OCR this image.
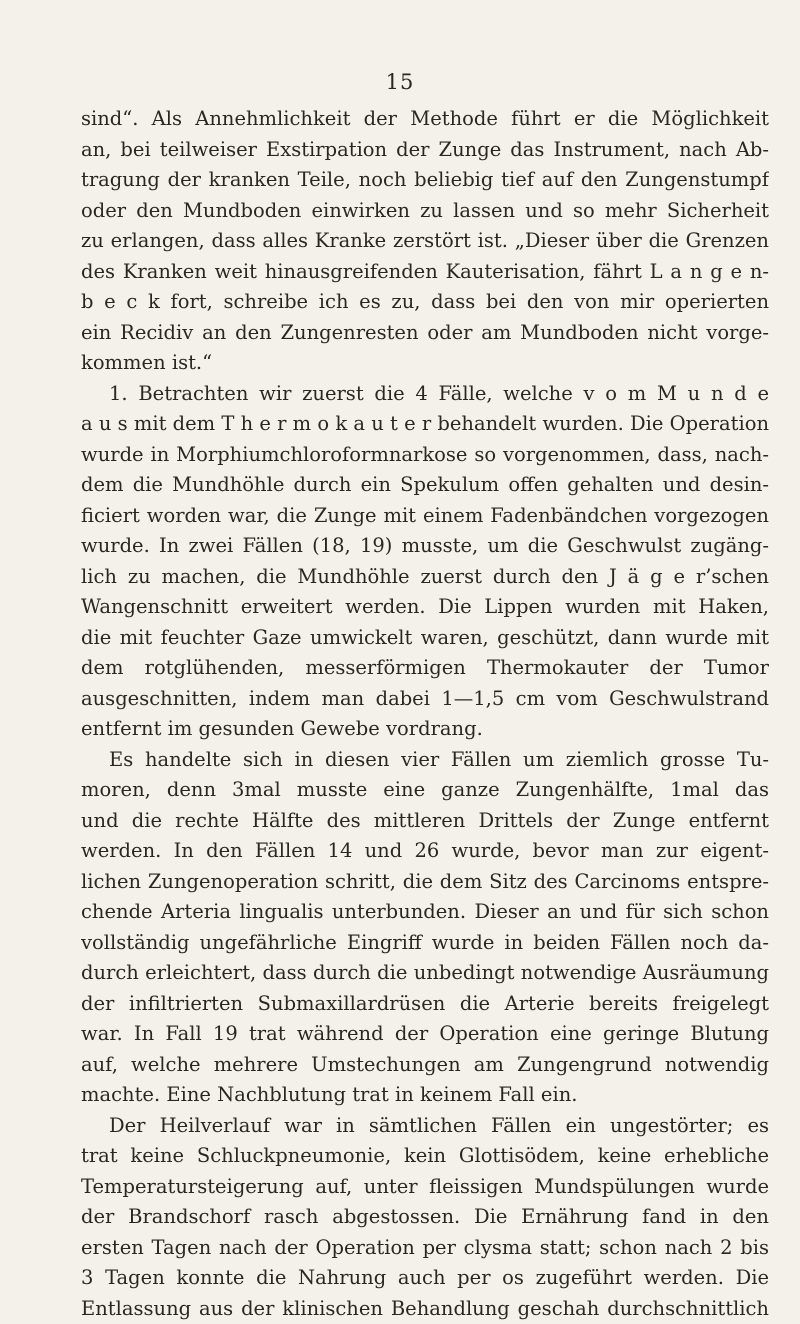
15
sind“. Als Annehmlichkeit der Methode führt er die Möglichkeit
an, bei teilweiser Exstirpation der Zunge das Instrument, nach Ab-
tragung der kranken Teile, noch beliebig tief auf den Zungenstumpf
oder den Mundboden einwirken zu lassen und so mehr Sicherheit
zu erlangen, dass alles Kranke zerstört ist. „Dieser über die Grenzen
des Kranken weit hinausgreifenden Kauterisation, fährt L a n g e n-
b e c k fort, schreibe ich es zu, dass bei den von mir operierten
ein Recidiv an den Zungenresten oder am Mundboden nicht vorge-
kommen ist.“
1. Betrachten wir zuerst die 4 Fälle, welche v o m M u n d e
a u s mit dem T h e r m o k a u t e r behandelt wurden. Die Operation
wurde in Morphiumchloroformnarkose so vorgenommen, dass, nach-
dem die Mundhöhle durch ein Spekulum offen gehalten und desin-
ficiert worden war, die Zunge mit einem Fadenbändchen vorgezogen
wurde. In zwei Fällen (18, 19) musste, um die Geschwulst zugäng-
lich zu machen, die Mundhöhle zuerst durch den J ä g e r’schen
Wangenschnitt erweitert werden. Die Lippen wurden mit Haken,
die mit feuchter Gaze umwickelt waren, geschützt, dann wurde mit
dem rotglühenden, messerförmigen Thermokauter der Tumor
ausgeschnitten, indem man dabei 1—1,5 cm vom Geschwulstrand
entfernt im gesunden Gewebe vordrang.
Es handelte sich in diesen vier Fällen um ziemlich grosse Tu-
moren, denn 3mal musste eine ganze Zungenhälfte, 1mal das
und die rechte Hälfte des mittleren Drittels der Zunge entfernt
werden. In den Fällen 14 und 26 wurde, bevor man zur eigent-
lichen Zungenoperation schritt, die dem Sitz des Carcinoms entspre-
chende Arteria lingualis unterbunden. Dieser an und für sich schon
vollständig ungefährliche Eingriff wurde in beiden Fällen noch da-
durch erleichtert, dass durch die unbedingt notwendige Ausräumung
der infiltrierten Submaxillardrüsen die Arterie bereits freigelegt
war. In Fall 19 trat während der Operation eine geringe Blutung
auf, welche mehrere Umstechungen am Zungengrund notwendig
machte. Eine Nachblutung trat in keinem Fall ein.
Der Heilverlauf war in sämtlichen Fällen ein ungestörter; es
trat keine Schluckpneumonie, kein Glottisödem, keine erhebliche
Temperatursteigerung auf, unter fleissigen Mundspülungen wurde
der Brandschorf rasch abgestossen. Die Ernährung fand in den
ersten Tagen nach der Operation per clysma statt; schon nach 2 bis
3 Tagen konnte die Nahrung auch per os zugeführt werden. Die
Entlassung aus der klinischen Behandlung geschah durchschnittlich
